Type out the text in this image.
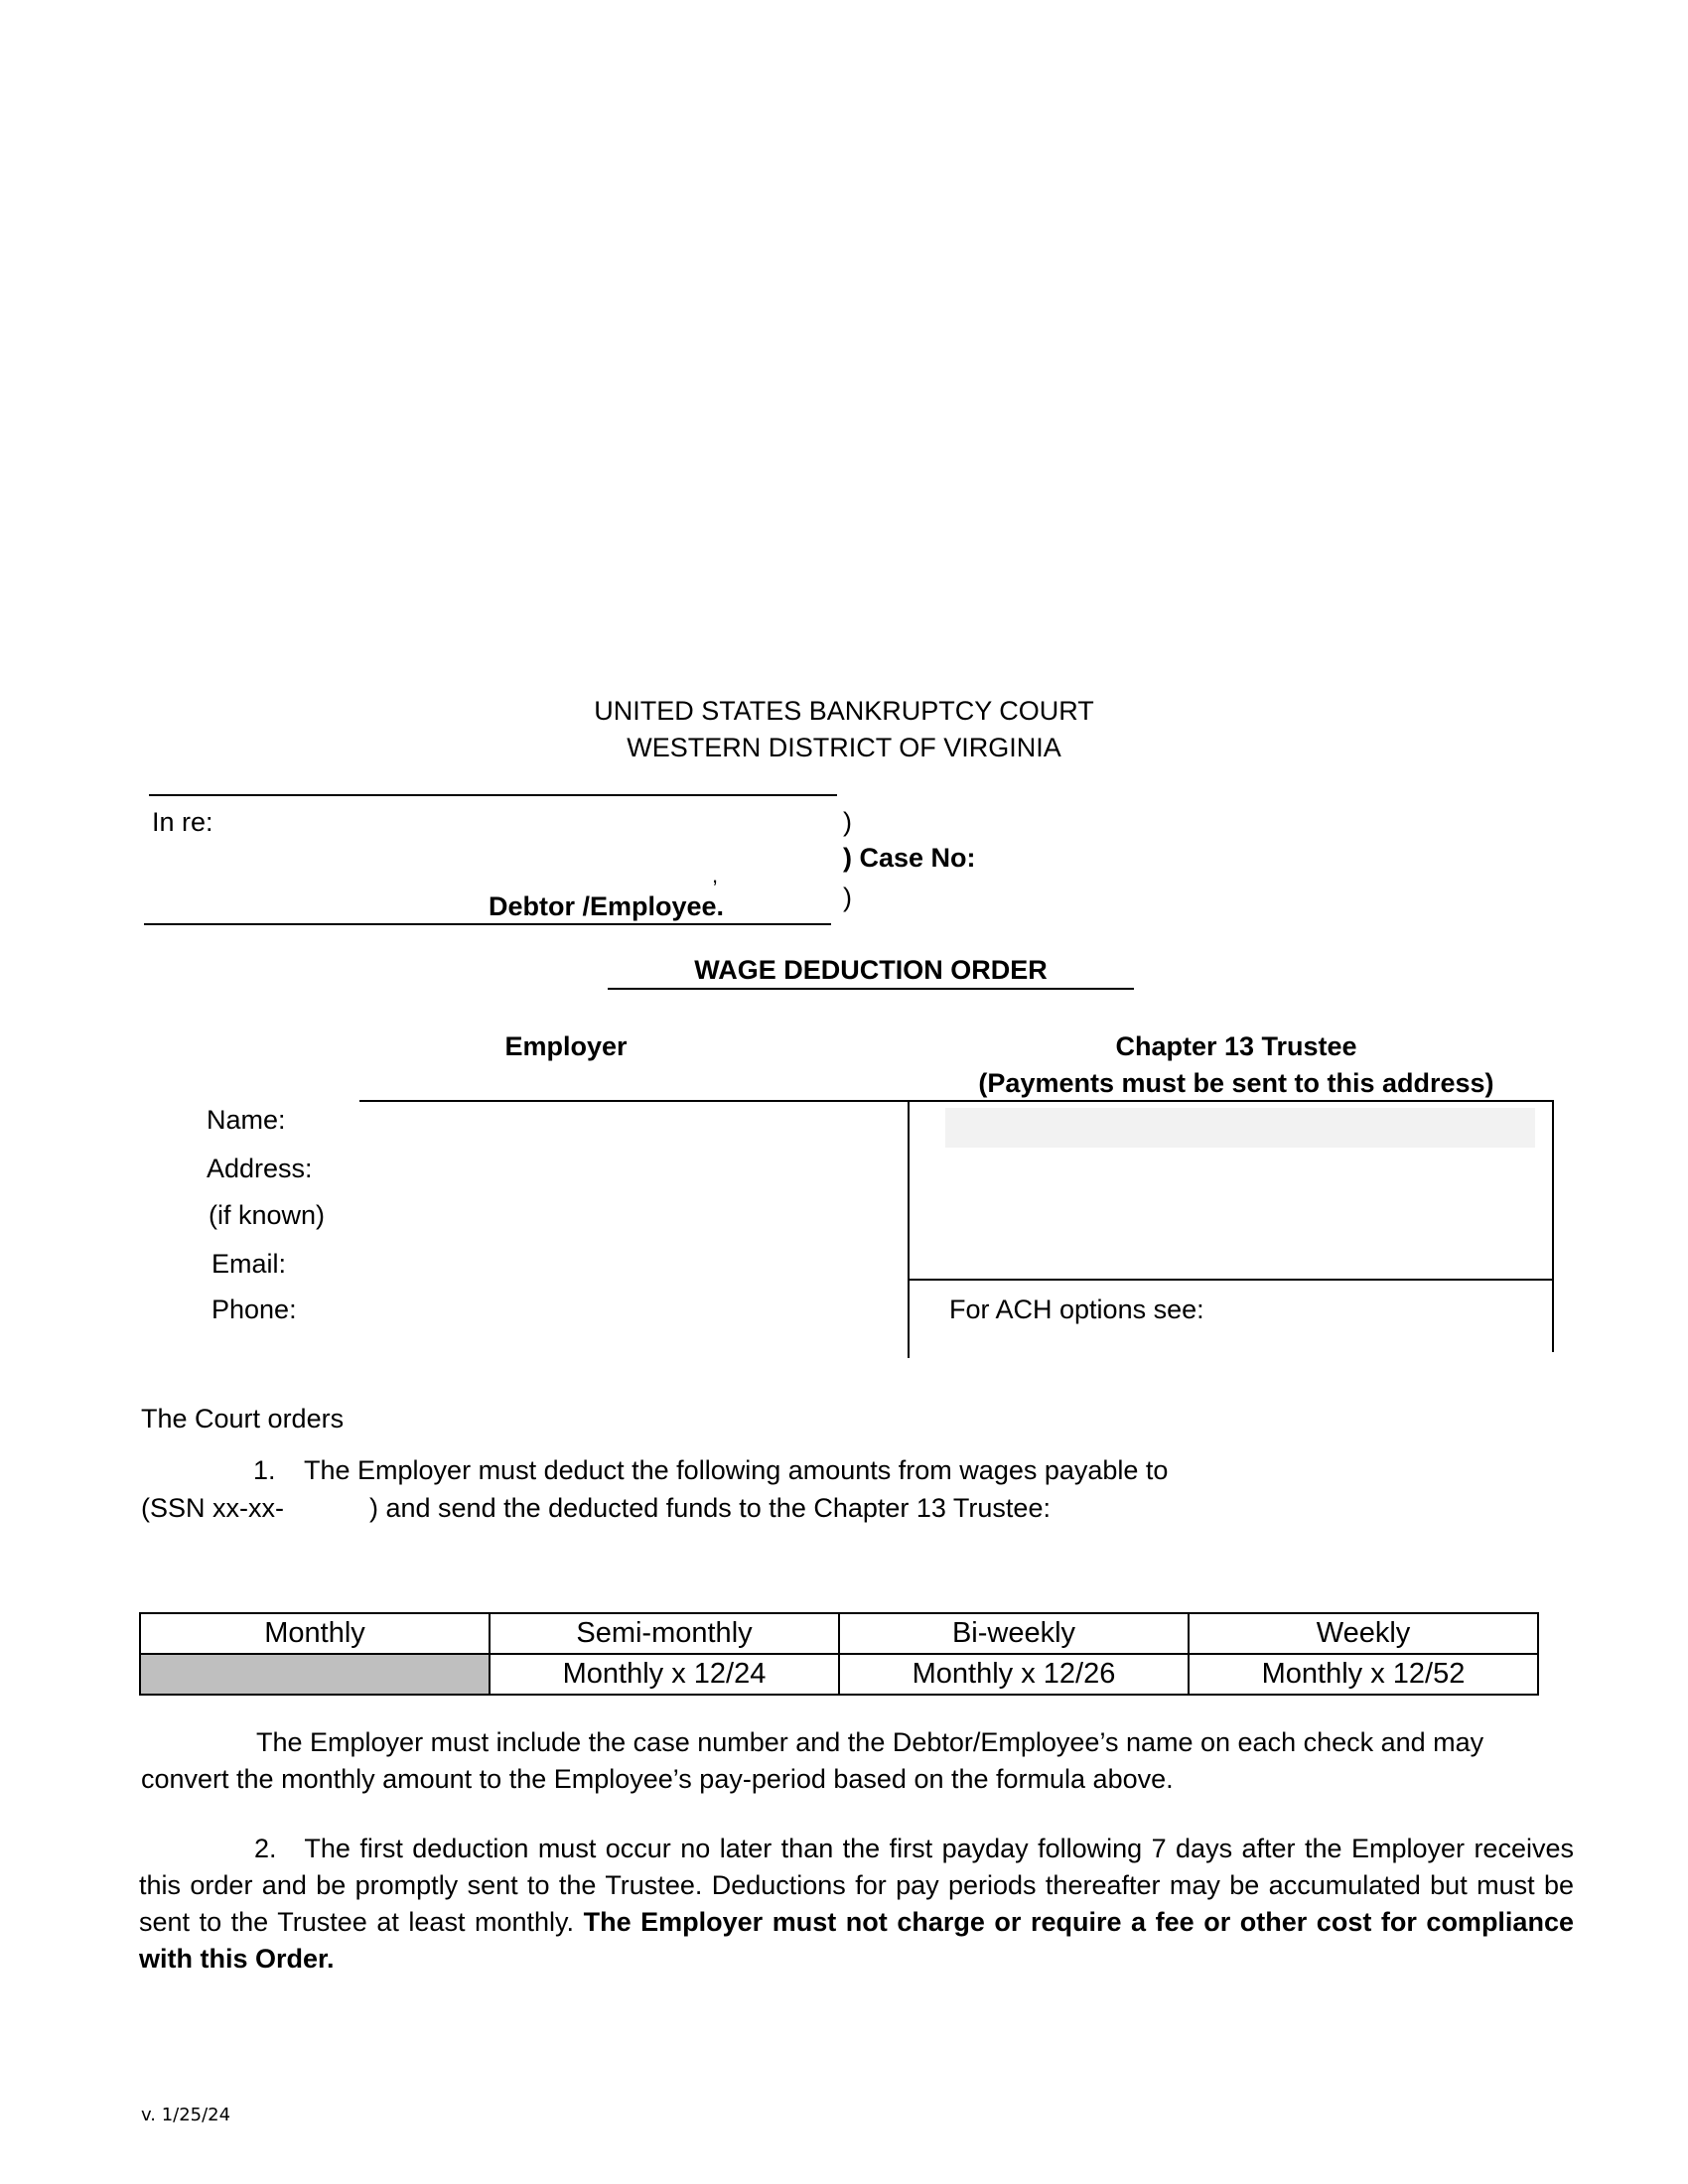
UNITED STATES BANKRUPTCY COURT
WESTERN DISTRICT OF VIRGINIA
In re:	)
) Case No:
,
Debtor /Employee.	)
WAGE DEDUCTION ORDER
Employer	Chapter 13 Trustee
(Payments must be sent to this address)
Name:
Address:
(if known)
Email:
Phone:	For ACH options see:
The Court orders
1. The Employer must deduct the following amounts from wages payable to
(SSN xx-xx-	) and send the deducted funds to the Chapter 13 Trustee:
Monthly	Semi-monthly	Bi-weekly	Weekly
	Monthly x 12/24	Monthly x 12/26	Monthly x 12/52
The Employer must include the case number and the Debtor/Employee’s name on each check and may convert the monthly amount to the Employee’s pay-period based on the formula above.
2. The first deduction must occur no later than the first payday following 7 days after the Employer receives this order and be promptly sent to the Trustee. Deductions for pay periods thereafter may be accumulated but must be sent to the Trustee at least monthly. The Employer must not charge or require a fee or other cost for compliance with this Order.
v. 1/25/24
